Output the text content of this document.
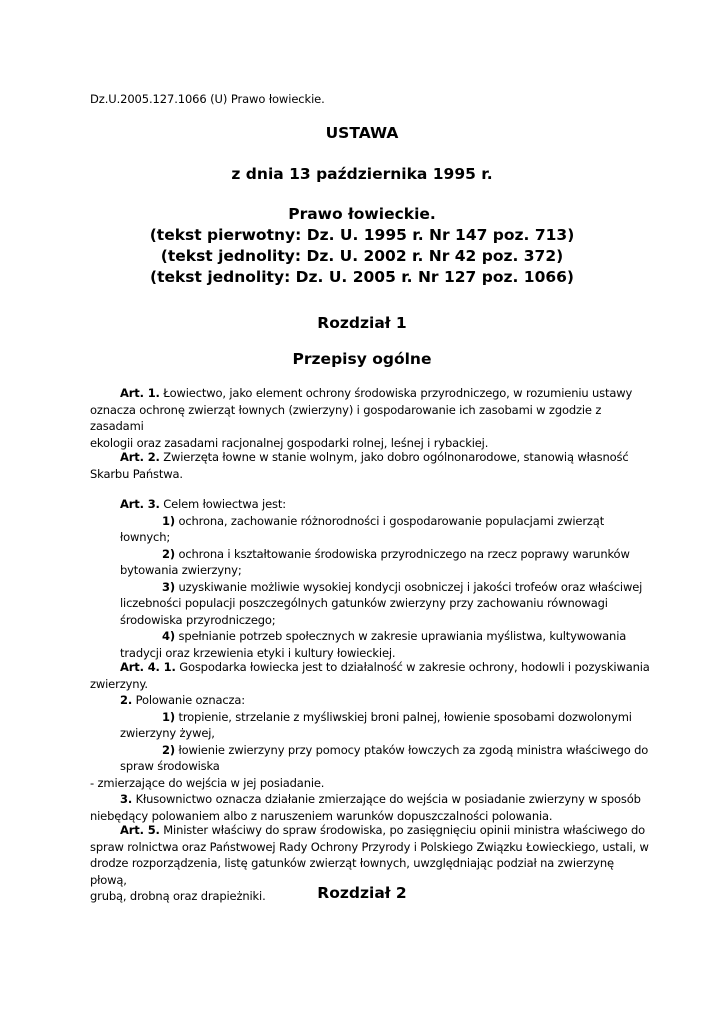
Dz.U.2005.127.1066 (U) Prawo łowieckie.
USTAWA
z dnia 13 października 1995 r.
Prawo łowieckie.
(tekst pierwotny: Dz. U. 1995 r. Nr 147 poz. 713)
(tekst jednolity: Dz. U. 2002 r. Nr 42 poz. 372)
(tekst jednolity: Dz. U. 2005 r. Nr 127 poz. 1066)
Rozdział 1
Przepisy ogólne

Art. 1. Łowiectwo, jako element ochrony środowiska przyrodniczego, w rozumieniu ustawy

oznacza ochronę zwierząt łownych (zwierzyny) i gospodarowanie ich zasobami w zgodzie z zasadami

ekologii oraz zasadami racjonalnej gospodarki rolnej, leśnej i rybackiej.

Art. 2. Zwierzęta łowne w stanie wolnym, jako dobro ogólnonarodowe, stanowią własność

Skarbu Państwa.

Art. 3. Celem łowiectwa jest:

1) ochrona, zachowanie różnorodności i gospodarowanie populacjami zwierząt

łownych;

2) ochrona i kształtowanie środowiska przyrodniczego na rzecz poprawy warunków

bytowania zwierzyny;

3) uzyskiwanie możliwie wysokiej kondycji osobniczej i jakości trofeów oraz właściwej

liczebności populacji poszczególnych gatunków zwierzyny przy zachowaniu równowagi

środowiska przyrodniczego;

4) spełnianie potrzeb społecznych w zakresie uprawiania myślistwa, kultywowania

tradycji oraz krzewienia etyki i kultury łowieckiej.

Art. 4. 1. Gospodarka łowiecka jest to działalność w zakresie ochrony, hodowli i pozyskiwania

zwierzyny.

2. Polowanie oznacza:

1) tropienie, strzelanie z myśliwskiej broni palnej, łowienie sposobami dozwolonymi

zwierzyny żywej,

2) łowienie zwierzyny przy pomocy ptaków łowczych za zgodą ministra właściwego do

spraw środowiska

- zmierzające do wejścia w jej posiadanie.

3. Kłusownictwo oznacza działanie zmierzające do wejścia w posiadanie zwierzyny w sposób

niebędący polowaniem albo z naruszeniem warunków dopuszczalności polowania.

Art. 5. Minister właściwy do spraw środowiska, po zasięgnięciu opinii ministra właściwego do

spraw rolnictwa oraz Państwowej Rady Ochrony Przyrody i Polskiego Związku Łowieckiego, ustali, w

drodze rozporządzenia, listę gatunków zwierząt łownych, uwzględniając podział na zwierzynę płową,

grubą, drobną oraz drapieżniki.	Rozdział 2
